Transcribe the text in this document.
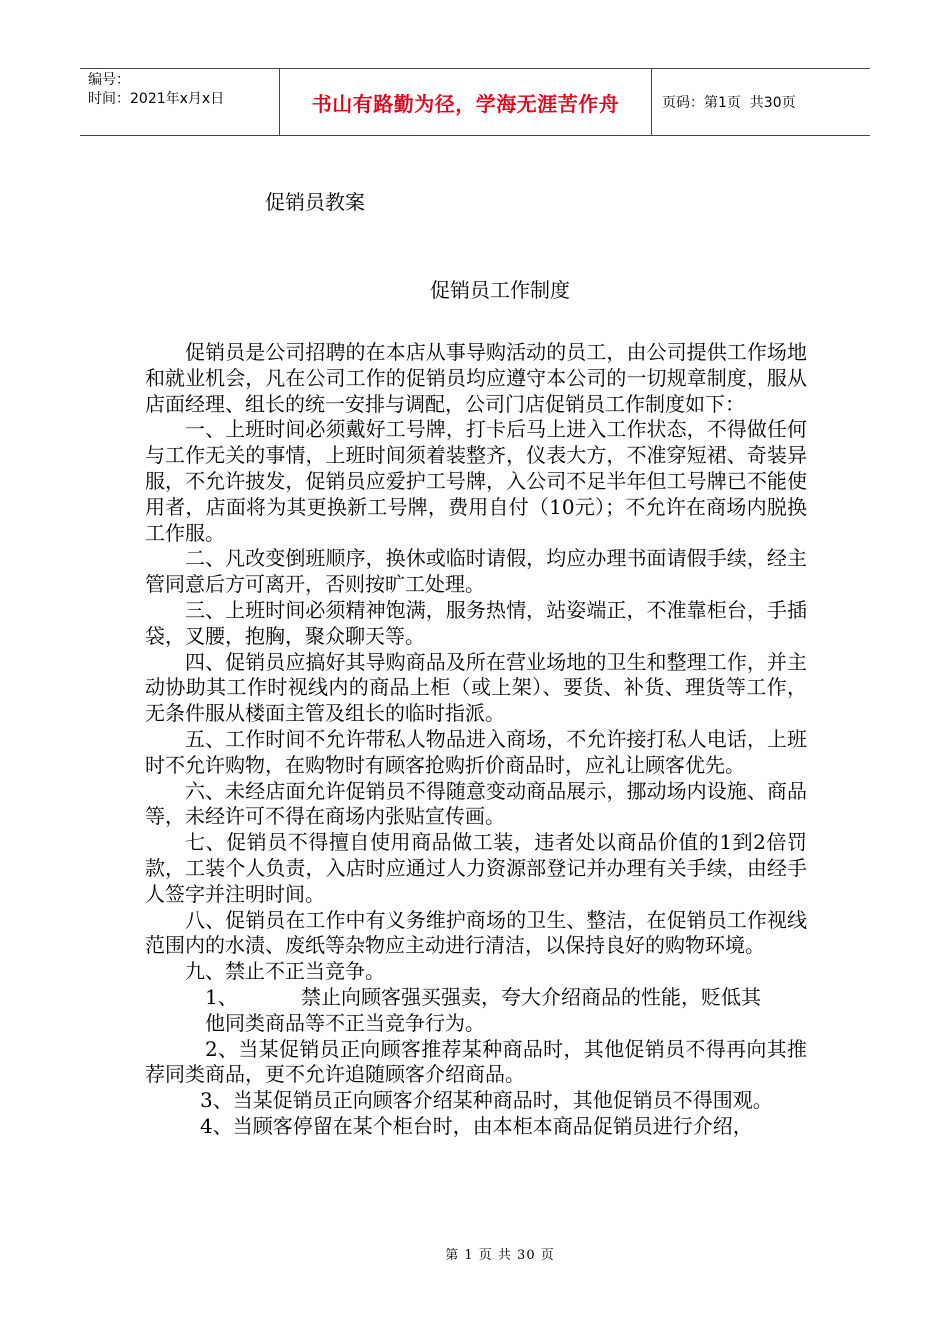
编号：
时间：2021年x月x日	书山有路勤为径，学海无涯苦作舟	页码：第1页  共30页
促销员教案
促销员工作制度

促销员是公司招聘的在本店从事导购活动的员工，由公司提供工作场地和就业机会，凡在公司工作的促销员均应遵守本公司的一切规章制度，服从店面经理、组长的统一安排与调配，公司门店促销员工作制度如下：

一、上班时间必须戴好工号牌，打卡后马上进入工作状态，不得做任何与工作无关的事情，上班时间须着装整齐，仪表大方，不准穿短裙、奇装异服，不允许披发，促销员应爱护工号牌，入公司不足半年但工号牌已不能使用者，店面将为其更换新工号牌，费用自付（10元）；不允许在商场内脱换工作服。

二、凡改变倒班顺序，换休或临时请假，均应办理书面请假手续，经主管同意后方可离开，否则按旷工处理。

三、上班时间必须精神饱满，服务热情，站姿端正，不准靠柜台，手插袋，叉腰，抱胸，聚众聊天等。

四、促销员应搞好其导购商品及所在营业场地的卫生和整理工作，并主动协助其工作时视线内的商品上柜（或上架）、要货、补货、理货等工作，无条件服从楼面主管及组长的临时指派。

五、工作时间不允许带私人物品进入商场，不允许接打私人电话，上班时不允许购物，在购物时有顾客抢购折价商品时，应礼让顾客优先。

六、未经店面允许促销员不得随意变动商品展示，挪动场内设施、商品等，未经许可不得在商场内张贴宣传画。

七、促销员不得擅自使用商品做工装，违者处以商品价值的1到2倍罚款，工装个人负责，入店时应通过人力资源部登记并办理有关手续，由经手人签字并注明时间。

八、促销员在工作中有义务维护商场的卫生、整洁，在促销员工作视线范围内的水渍、废纸等杂物应主动进行清洁，以保持良好的购物环境。

九、禁止不正当竞争。

1、	禁止向顾客强买强卖，夸大介绍商品的性能，贬低其

他同类商品等不正当竞争行为。

2、当某促销员正向顾客推荐某种商品时，其他促销员不得再向其推荐同类商品，更不允许追随顾客介绍商品。

3、当某促销员正向顾客介绍某种商品时，其他促销员不得围观。

4、当顾客停留在某个柜台时，由本柜本商品促销员进行介绍，

第 1 页 共 30 页
